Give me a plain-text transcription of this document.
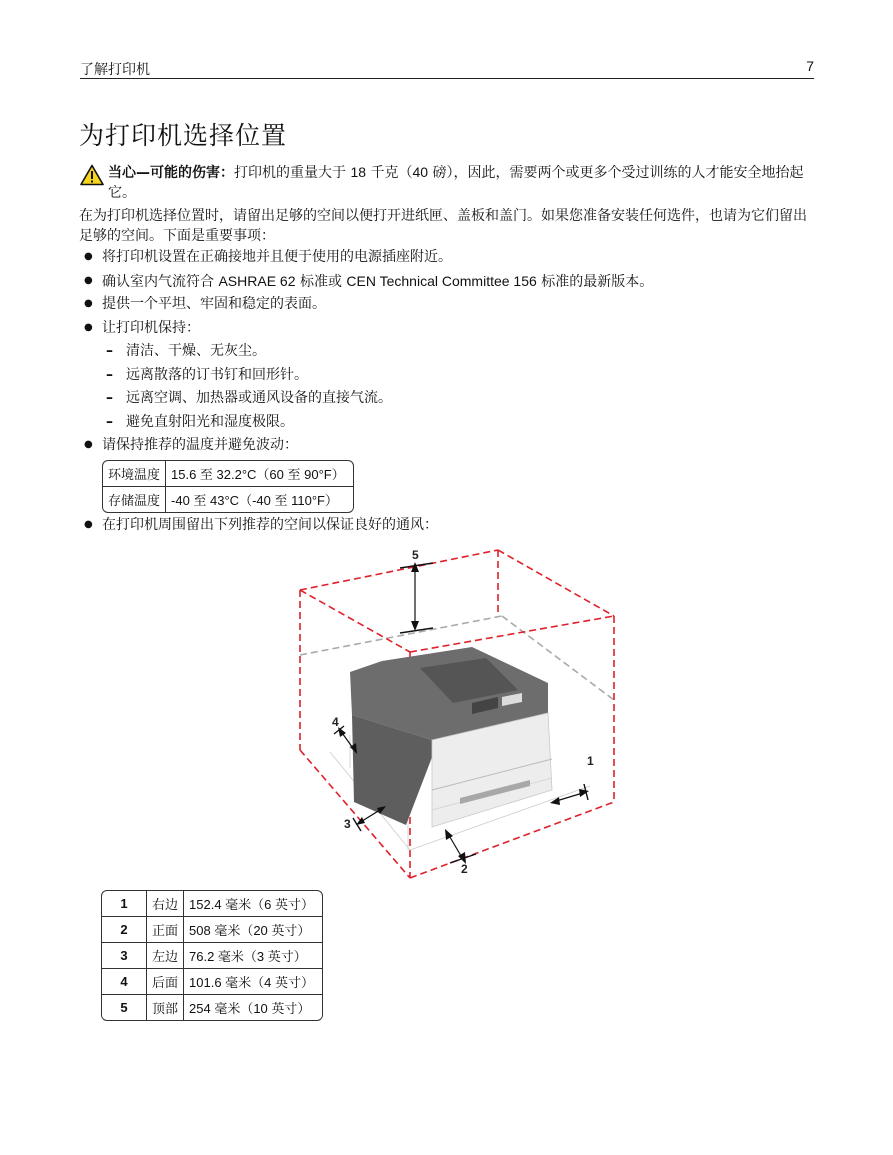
了解打印机	7
为打印机选择位置
当心—可能的伤害：打印机的重量大于 18 千克（40 磅），因此，需要两个或更多个受过训练的人才能安全地抬起它。

在为打印机选择位置时，请留出足够的空间以便打开进纸匣、盖板和盖门。如果您准备安装任何选件，也请为它们留出足够的空间。下面是重要事项：

● 将打印机设置在正确接地并且便于使用的电源插座附近。
● 确认室内气流符合 ASHRAE 62 标准或 CEN Technical Committee 156 标准的最新版本。
● 提供一个平坦、牢固和稳定的表面。
● 让打印机保持：
– 清洁、干燥、无灰尘。
– 远离散落的订书钉和回形针。
– 远离空调、加热器或通风设备的直接气流。
– 避免直射阳光和湿度极限。
● 请保持推荐的温度并避免波动：
环境温度	15.6 至 32.2°C（60 至 90°F）
存储温度	-40 至 43°C（-40 至 110°F）
● 在打印机周围留出下列推荐的空间以保证良好的通风：
1
2
3
4
5
1	右边	152.4 毫米（6 英寸）
2	正面	508 毫米（20 英寸）
3	左边	76.2 毫米（3 英寸）
4	后面	101.6 毫米（4 英寸）
5	顶部	254 毫米（10 英寸）
